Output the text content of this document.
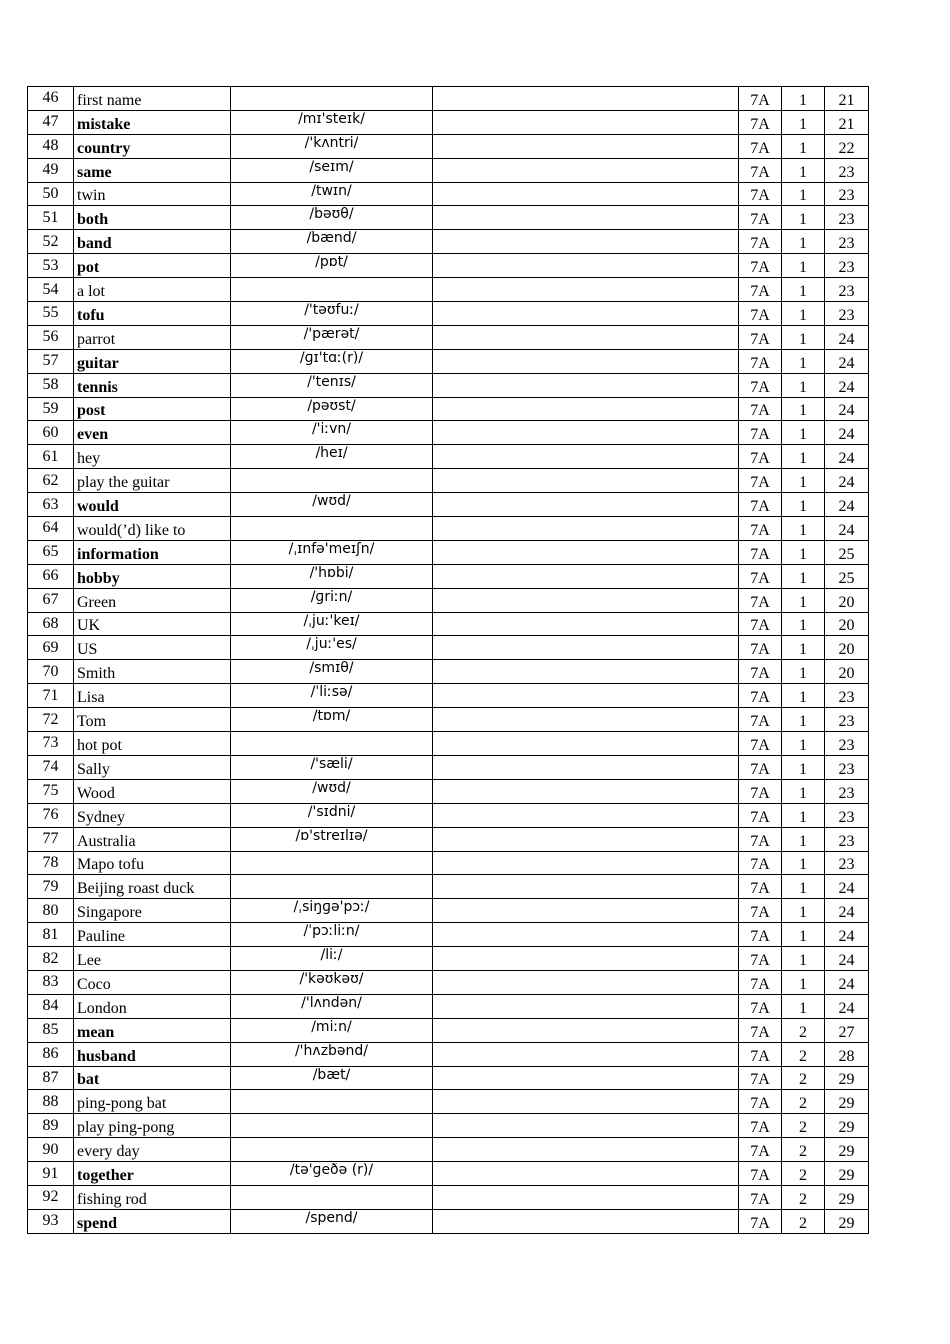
46	first name			7A	1	21
47	mistake	/mɪ'steɪk/		7A	1	21
48	country	/'kʌntri/		7A	1	22
49	same	/seɪm/		7A	1	23
50	twin	/twɪn/		7A	1	23
51	both	/bəʊθ/		7A	1	23
52	band	/bænd/		7A	1	23
53	pot	/pɒt/		7A	1	23
54	a lot			7A	1	23
55	tofu	/'təʊfuː/		7A	1	23
56	parrot	/'pærət/		7A	1	24
57	guitar	/ɡɪ'tɑː(r)/		7A	1	24
58	tennis	/'tenɪs/		7A	1	24
59	post	/pəʊst/		7A	1	24
60	even	/'iːvn/		7A	1	24
61	hey	/heɪ/		7A	1	24
62	play the guitar			7A	1	24
63	would	/wʊd/		7A	1	24
64	would(’d) like to			7A	1	24
65	information	/ˌɪnfə'meɪʃn/		7A	1	25
66	hobby	/'hɒbi/		7A	1	25
67	Green	/ɡriːn/		7A	1	20
68	UK	/ˌjuː'keɪ/		7A	1	20
69	US	/ˌjuː'es/		7A	1	20
70	Smith	/smɪθ/		7A	1	20
71	Lisa	/ˈliːsə/		7A	1	23
72	Tom	/tɒm/		7A	1	23
73	hot pot			7A	1	23
74	Sally	/'sæli/		7A	1	23
75	Wood	/wʊd/		7A	1	23
76	Sydney	/'sɪdni/		7A	1	23
77	Australia	/ɒ'streɪlɪə/		7A	1	23
78	Mapo tofu			7A	1	23
79	Beijing roast duck			7A	1	24
80	Singapore	/ˌsiŋɡə'pɔː/		7A	1	24
81	Pauline	/ˈpɔːliːn/		7A	1	24
82	Lee	/liː/		7A	1	24
83	Coco	/'kəʊkəʊ/		7A	1	24
84	London	/'lʌndən/		7A	1	24
85	mean	/miːn/		7A	2	27
86	husband	/'hʌzbənd/		7A	2	28
87	bat	/bæt/		7A	2	29
88	ping-pong bat			7A	2	29
89	play ping-pong			7A	2	29
90	every day			7A	2	29
91	together	/tə'ɡeðə (r)/		7A	2	29
92	fishing rod			7A	2	29
93	spend	/spend/		7A	2	29
